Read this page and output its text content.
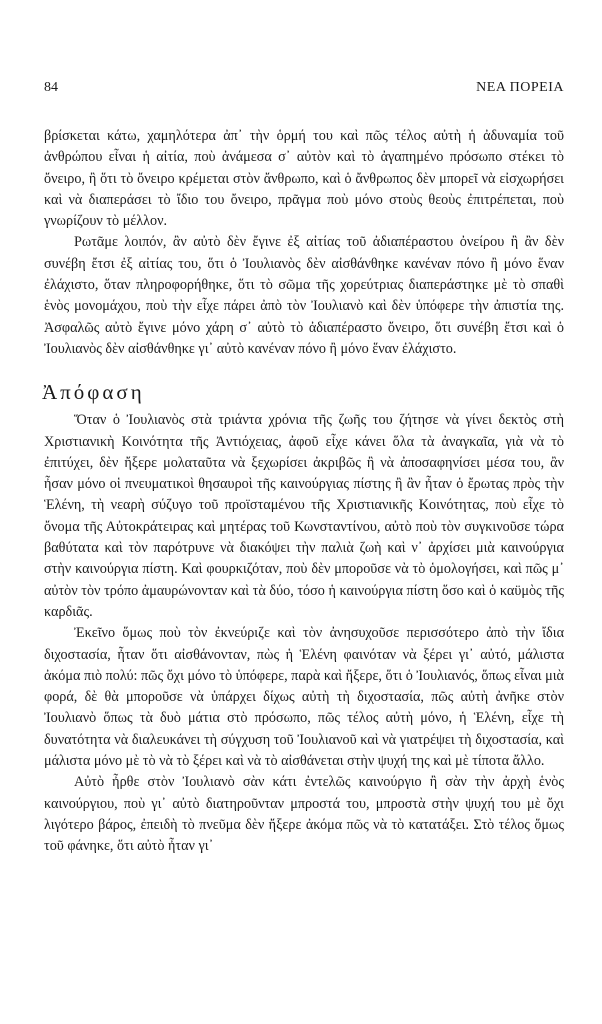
84	ΝΕΑ ΠΟΡΕΙΑ

βρίσκεται κάτω, χαμηλότερα ἀπ᾿ τὴν ὁρμή του καὶ πῶς τέλος αὐτὴ ἡ ἀδυναμία τοῦ ἀνθρώπου εἶναι ἡ αἰτία, ποὺ ἀνάμεσα σ᾿ αὐτὸν καὶ τὸ ἀγαπημένο πρόσωπο στέκει τὸ ὄνειρο, ἢ ὅτι τὸ ὄνειρο κρέμεται στὸν ἄνθρωπο, καὶ ὁ ἄνθρωπος δὲν μπορεῖ νὰ εἰσχωρήσει καὶ νὰ διαπεράσει τὸ ἴδιο του ὄνειρο, πρᾶγμα ποὺ μόνο στοὺς θεοὺς ἐπιτρέπεται, ποὺ γνωρίζουν τὸ μέλλον.

Ρωτᾶμε λοιπόν, ἂν αὐτὸ δὲν ἔγινε ἐξ αἰτίας τοῦ ἀδιαπέραστου ὀνείρου ἢ ἂν δὲν συνέβη ἔτσι ἐξ αἰτίας του, ὅτι ὁ Ἰουλιανὸς δὲν αἰσθάνθηκε κανέναν πόνο ἢ μόνο ἕναν ἐλάχιστο, ὅταν πληροφορήθηκε, ὅτι τὸ σῶμα τῆς χορεύτριας διαπεράστηκε μὲ τὸ σπαθὶ ἑνὸς μονομάχου, ποὺ τὴν εἶχε πάρει ἀπὸ τὸν Ἰουλιανὸ καὶ δὲν ὑπόφερε τὴν ἀπιστία της. Ἀσφαλῶς αὐτὸ ἔγινε μόνο χάρη σ᾿ αὐτὸ τὸ ἀδιαπέραστο ὄνειρο, ὅτι συνέβη ἔτσι καὶ ὁ Ἰουλιανὸς δὲν αἰσθάνθηκε γι᾿ αὐτὸ κανέναν πόνο ἢ μόνο ἕναν ἐλάχιστο.

Ἀπόφαση

Ὅταν ὁ Ἰουλιανὸς στὰ τριάντα χρόνια τῆς ζωῆς του ζήτησε νὰ γίνει δεκτὸς στὴ Χριστιανικὴ Κοινότητα τῆς Ἀντιόχειας, ἀφοῦ εἶχε κάνει ὅλα τὰ ἀναγκαῖα, γιὰ νὰ τὸ ἐπιτύχει, δὲν ἤξερε μολαταῦτα νὰ ξεχωρίσει ἀκριβῶς ἢ νὰ ἀποσαφηνίσει μέσα του, ἂν ἦσαν μόνο οἱ πνευματικοὶ θησαυροὶ τῆς καινούργιας πίστης ἢ ἂν ἦταν ὁ ἔρωτας πρὸς τὴν Ἑλένη, τὴ νεαρὴ σύζυγο τοῦ προϊσταμένου τῆς Χριστιανικῆς Κοινότητας, ποὺ εἶχε τὸ ὄνομα τῆς Αὐτοκράτειρας καὶ μητέρας τοῦ Κωνσταντίνου, αὐτὸ ποὺ τὸν συγκινοῦσε τώρα βαθύτατα καὶ τὸν παρότρυνε νὰ διακόψει τὴν παλιὰ ζωὴ καὶ ν᾿ ἀρχίσει μιὰ καινούργια στὴν καινούργια πίστη. Καὶ φουρκιζόταν, ποὺ δὲν μποροῦσε νὰ τὸ ὁμολογήσει, καὶ πῶς μ᾿ αὐτὸν τὸν τρόπο ἀμαυρώνονταν καὶ τὰ δύο, τόσο ἡ καινούργια πίστη ὅσο καὶ ὁ καϋμὸς τῆς καρδιᾶς.

Ἐκεῖνο ὅμως ποὺ τὸν ἐκνεύριζε καὶ τὸν ἀνησυχοῦσε περισσότερο ἀπὸ τὴν ἴδια διχοστασία, ἦταν ὅτι αἰσθάνονταν, πὼς ἡ Ἑλένη φαινόταν νὰ ξέρει γι᾿ αὐτό, μάλιστα ἀκόμα πιὸ πολύ: πῶς ὄχι μόνο τὸ ὑπόφερε, παρὰ καὶ ἤξερε, ὅτι ὁ Ἰουλιανός, ὅπως εἶναι μιὰ φορά, δὲ θὰ μποροῦσε νὰ ὑπάρχει δίχως αὐτὴ τὴ διχοστασία, πῶς αὐτὴ ἀνῆκε στὸν Ἰουλιανὸ ὅπως τὰ δυὸ μάτια στὸ πρόσωπο, πῶς τέλος αὐτὴ μόνο, ἡ Ἑλένη, εἶχε τὴ δυνατότητα νὰ διαλευκάνει τὴ σύγχυση τοῦ Ἰουλιανοῦ καὶ νὰ γιατρέψει τὴ διχοστασία, καὶ μάλιστα μόνο μὲ τὸ νὰ τὸ ξέρει καὶ νὰ τὸ αἰσθάνεται στὴν ψυχή της καὶ μὲ τίποτα ἄλλο.

Αὐτὸ ἦρθε στὸν Ἰουλιανὸ σὰν κάτι ἐντελῶς καινούργιο ἢ σὰν τὴν ἀρχὴ ἑνὸς καινούργιου, ποὺ γι᾿ αὐτὸ διατηροῦνταν μπροστά του, μπροστὰ στὴν ψυχή του μὲ ὄχι λιγότερο βάρος, ἐπειδὴ τὸ πνεῦμα δὲν ἤξερε ἀκόμα πῶς νὰ τὸ κατατάξει. Στὸ τέλος ὅμως τοῦ φάνηκε, ὅτι αὐτὸ ἦταν γι᾿
